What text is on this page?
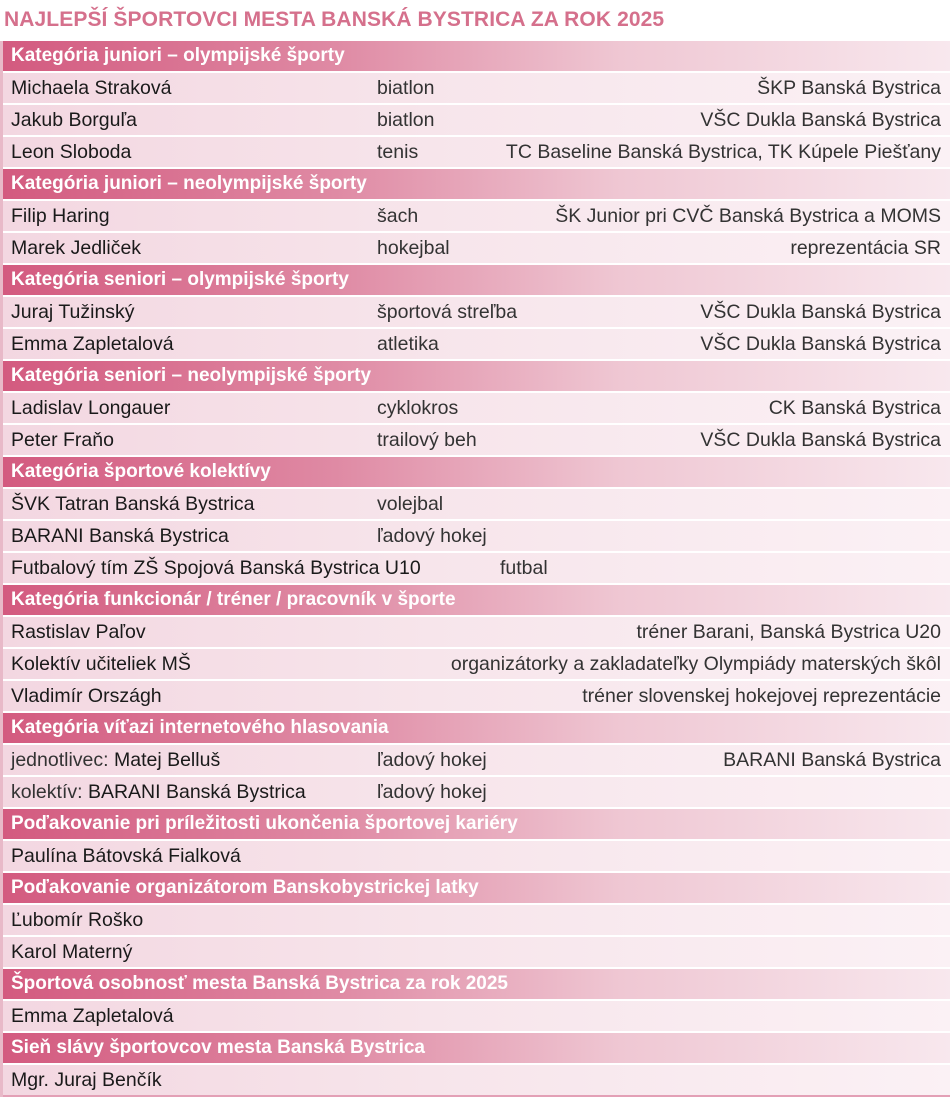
NAJLEPŠÍ ŠPORTOVCI MESTA BANSKÁ BYSTRICA ZA ROK 2025
Kategória juniori – olympijské športy
Michaela Straková	biatlon	ŠKP Banská Bystrica
Jakub Borguľa	biatlon	VŠC Dukla Banská Bystrica
Leon Sloboda	tenis	TC Baseline Banská Bystrica, TK Kúpele Piešťany
Kategória juniori – neolympijské športy
Filip Haring	šach	ŠK Junior pri CVČ Banská Bystrica a MOMS
Marek Jedliček	hokejbal	reprezentácia SR
Kategória seniori – olympijské športy
Juraj Tužinský	športová streľba	VŠC Dukla Banská Bystrica
Emma Zapletalová	atletika	VŠC Dukla Banská Bystrica
Kategória seniori – neolympijské športy
Ladislav Longauer	cyklokros	CK Banská Bystrica
Peter Fraňo	trailový beh	VŠC Dukla Banská Bystrica
Kategória športové kolektívy
ŠVK Tatran Banská Bystrica	volejbal
BARANI Banská Bystrica	ľadový hokej
Futbalový tím ZŠ Spojová Banská Bystrica U10	futbal
Kategória funkcionár / tréner / pracovník v športe
Rastislav Paľov	tréner Barani, Banská Bystrica U20
Kolektív učiteliek MŠ	organizátorky a zakladateľky Olympiády materských škôl
Vladimír Országh	tréner slovenskej hokejovej reprezentácie
Kategória víťazi internetového hlasovania
jednotlivec: Matej Belluš	ľadový hokej	BARANI Banská Bystrica
kolektív: BARANI Banská Bystrica	ľadový hokej
Poďakovanie pri príležitosti ukončenia športovej kariéry
Paulína Bátovská Fialková
Poďakovanie organizátorom Banskobystrickej latky
Ľubomír Roško
Karol Materný
Športová osobnosť mesta Banská Bystrica za rok 2025
Emma Zapletalová
Sieň slávy športovcov mesta Banská Bystrica
Mgr. Juraj Benčík
